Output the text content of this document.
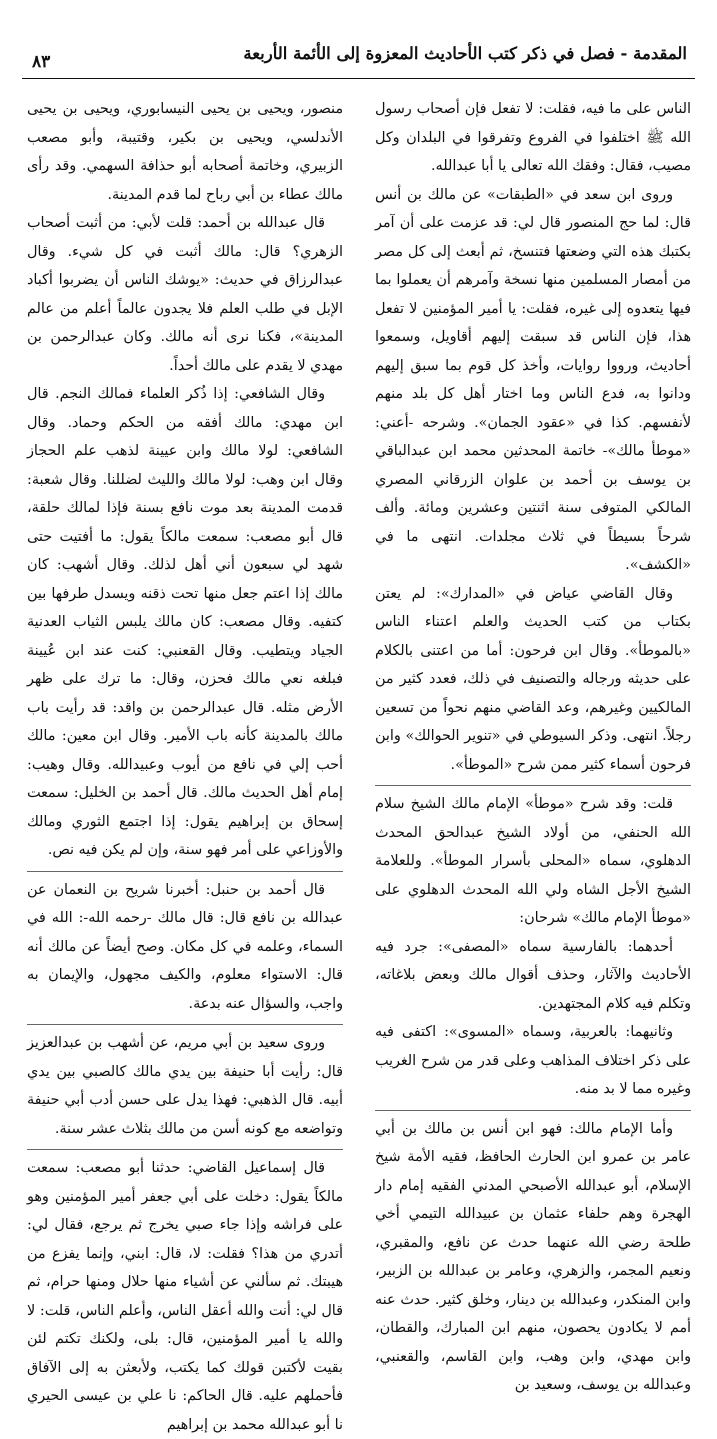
المقدمة - فصل في ذكر كتب الأحاديث المعزوة إلى الأئمة الأربعة
٨٣

الناس على ما فيه، فقلت: لا تفعل فإن أصحاب رسول الله ﷺ اختلفوا في الفروع وتفرقوا في البلدان وكل مصيب، فقال: وفقك الله تعالى يا أبا عبدالله.

وروى ابن سعد في «الطبقات» عن مالك بن أنس قال: لما حج المنصور قال لي: قد عزمت على أن آمر بكتبك هذه التي وضعتها فتنسخ، ثم أبعث إلى كل مصر من أمصار المسلمين منها نسخة وآمرهم أن يعملوا بما فيها يتعدوه إلى غيره، فقلت: يا أمير المؤمنين لا تفعل هذا، فإن الناس قد سبقت إليهم أقاويل، وسمعوا أحاديث، ورووا روايات، وأخذ كل قوم بما سبق إليهم ودانوا به، فدع الناس وما اختار أهل كل بلد منهم لأنفسهم. كذا في «عقود الجمان». وشرحه -أعني: «موطأ مالك»- خاتمة المحدثين محمد ابن عبدالباقي بن يوسف بن أحمد بن علوان الزرقاني المصري المالكي المتوفى سنة اثنتين وعشرين ومائة. وألف شرحاً بسيطاً في ثلاث مجلدات. انتهى ما في «الكشف».

وقال القاضي عياض في «المدارك»: لم يعتن بكتاب من كتب الحديث والعلم اعتناء الناس «بالموطأ». وقال ابن فرحون: أما من اعتنى بالكلام على حديثه ورجاله والتصنيف في ذلك، فعدد كثير من المالكيين وغيرهم، وعد القاضي منهم نحواً من تسعين رجلاً. انتهى. وذكر السيوطي في «تنوير الحوالك» وابن فرحون أسماء كثير ممن شرح «الموطأ».

قلت: وقد شرح «موطأ» الإمام مالك الشيخ سلام الله الحنفي، من أولاد الشيخ عبدالحق المحدث الدهلوي، سماه «المحلى بأسرار الموطأ». وللعلامة الشيخ الأجل الشاه ولي الله المحدث الدهلوي على «موطأ الإمام مالك» شرحان:

أحدهما: بالفارسية سماه «المصفى»: جرد فيه الأحاديث والآثار، وحذف أقوال مالك وبعض بلاغاته، وتكلم فيه كلام المجتهدين.

وثانيهما: بالعربية، وسماه «المسوى»: اكتفى فيه على ذكر اختلاف المذاهب وعلى قدر من شرح الغريب وغيره مما لا بد منه.

وأما الإمام مالك: فهو ابن أنس بن مالك بن أبي عامر بن عمرو ابن الحارث الحافظ، فقيه الأمة شيخ الإسلام، أبو عبدالله الأصبحي المدني الفقيه إمام دار الهجرة وهم حلفاء عثمان بن عبيدالله التيمي أخي طلحة رضي الله عنهما حدث عن نافع، والمقبري، ونعيم المجمر، والزهري، وعامر بن عبدالله بن الزبير، وابن المنكدر، وعبدالله بن دينار، وخلق كثير. حدث عنه أمم لا يكادون يحصون، منهم ابن المبارك، والقطان، وابن مهدي، وابن وهب، وابن القاسم، والقعنبي، وعبدالله بن يوسف، وسعيد بن

منصور، ويحيى بن يحيى النيسابوري، ويحيى بن يحيى الأندلسي، ويحيى بن بكير، وقتيبة، وأبو مصعب الزبيري، وخاتمة أصحابه أبو حذافة السهمي. وقد رأى مالك عطاء بن أبي رباح لما قدم المدينة.

قال عبدالله بن أحمد: قلت لأبي: من أثبت أصحاب الزهري؟ قال: مالك أثبت في كل شيء. وقال عبدالرزاق في حديث: «يوشك الناس أن يضربوا أكباد الإبل في طلب العلم فلا يجدون عالماً أعلم من عالم المدينة»، فكنا نرى أنه مالك. وكان عبدالرحمن بن مهدي لا يقدم على مالك أحداً.

وقال الشافعي: إذا ذُكر العلماء فمالك النجم. قال ابن مهدي: مالك أفقه من الحكم وحماد. وقال الشافعي: لولا مالك وابن عيينة لذهب علم الحجاز وقال ابن وهب: لولا مالك والليث لضللنا. وقال شعبة: قدمت المدينة بعد موت نافع بسنة فإذا لمالك حلقة، قال أبو مصعب: سمعت مالكاً يقول: ما أفتيت حتى شهد لي سبعون أني أهل لذلك. وقال أشهب: كان مالك إذا اعتم جعل منها تحت ذقنه ويسدل طرفها بين كتفيه. وقال مصعب: كان مالك يلبس الثياب العدنية الجياد ويتطيب. وقال القعنبي: كنت عند ابن عُيينة فبلغه نعي مالك فحزن، وقال: ما ترك على ظهر الأرض مثله. قال عبدالرحمن بن واقد: قد رأيت باب مالك بالمدينة كأنه باب الأمير. وقال ابن معين: مالك أحب إلي في نافع من أيوب وعبيدالله. وقال وهيب: إمام أهل الحديث مالك. قال أحمد بن الخليل: سمعت إسحاق بن إبراهيم يقول: إذا اجتمع الثوري ومالك والأوزاعي على أمر فهو سنة، وإن لم يكن فيه نص.

قال أحمد بن حنبل: أخبرنا شريح بن النعمان عن عبدالله بن نافع قال: قال مالك -رحمه الله-: الله في السماء، وعلمه في كل مكان. وصح أيضاً عن مالك أنه قال: الاستواء معلوم، والكيف مجهول، والإيمان به واجب، والسؤال عنه بدعة.

وروى سعيد بن أبي مريم، عن أشهب بن عبدالعزيز قال: رأيت أبا حنيفة بين يدي مالك كالصبي بين يدي أبيه. قال الذهبي: فهذا يدل على حسن أدب أبي حنيفة وتواضعه مع كونه أسن من مالك بثلاث عشر سنة.

قال إسماعيل القاضي: حدثنا أبو مصعب: سمعت مالكاً يقول: دخلت على أبي جعفر أمير المؤمنين وهو على فراشه وإذا جاء صبي يخرج ثم يرجع، فقال لي: أتدري من هذا؟ فقلت: لا، قال: ابني، وإنما يفزع من هيبتك. ثم سألني عن أشياء منها حلال ومنها حرام، ثم قال لي: أنت والله أعقل الناس، وأعلم الناس، قلت: لا والله يا أمير المؤمنين، قال: بلى، ولكنك تكتم لئن بقيت لأكتبن قولك كما يكتب، ولأبعثن به إلى الآفاق فأحملهم عليه. قال الحاكم: نا علي بن عيسى الحيري نا أبو عبدالله محمد بن إبراهيم
